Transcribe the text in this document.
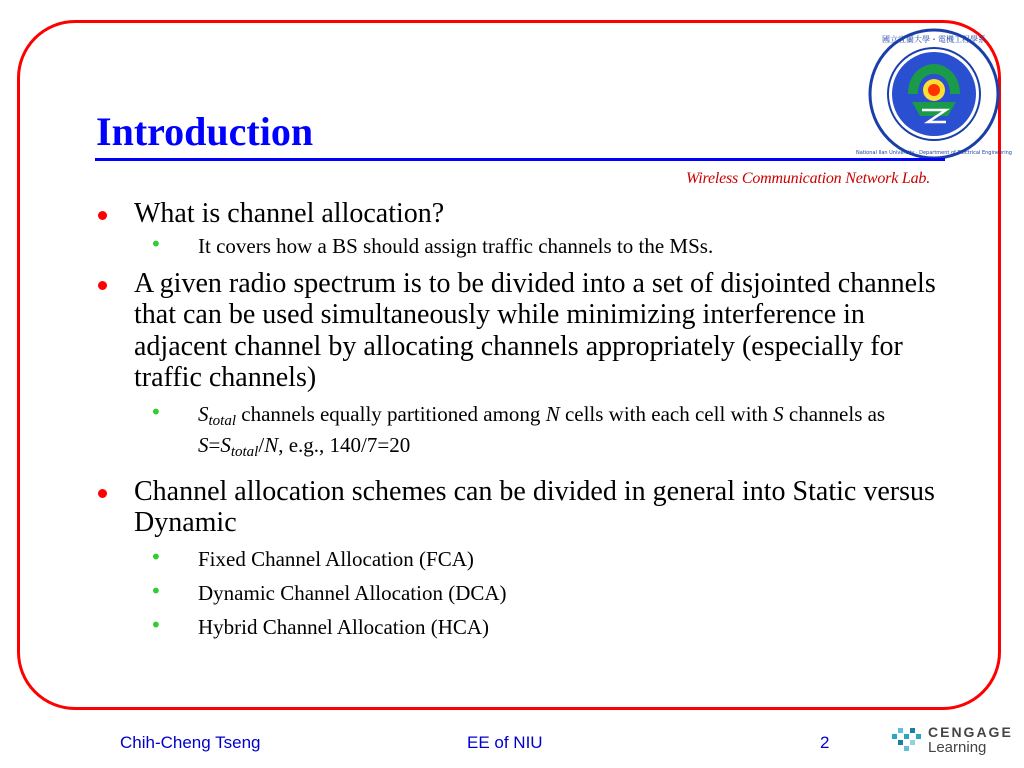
國立宜蘭大學・電機工程學系
National Ilan University · Department of Electrical Engineering
Introduction
Wireless Communication Network Lab.
What is channel allocation?
• It covers how a BS should assign traffic channels to the MSs.
A given radio spectrum is to be divided into a set of disjointed channels that can be used simultaneously while minimizing interference in adjacent channel by allocating channels appropriately (especially for traffic channels)
• $S_{total}$ channels equally partitioned among N cells with each cell with S channels as $S=S_{total}/N$, e.g., 140/7=20
Channel allocation schemes can be divided in general into Static versus Dynamic
• Fixed Channel Allocation (FCA)
• Dynamic Channel Allocation (DCA)
• Hybrid Channel Allocation (HCA)
Chih-Cheng Tseng	EE of NIU	2
CENGAGE
Learning
